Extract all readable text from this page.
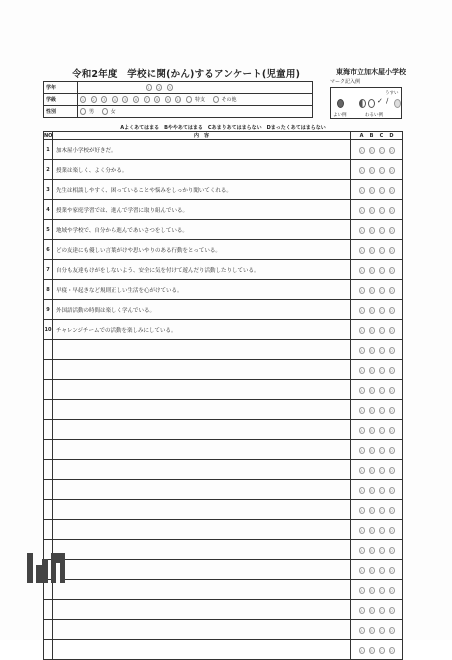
令和2年度　学校に関(かん)するアンケート(児童用)	東海市立加木屋小学校
マーク記入例
✓ ∕
うすい
よい例	わるい例
学年	1 2 3
学級	1 2 3 4 5 6 7 8 9 10 特支 その他
性別	男 女
Aよくあてはまる　Bややあてはまる　Cあまりあてはまらない　Dまったくあてはまらない
NO	内　容	A B C D
1	加木屋小学校が好きだ。	A B C D
2	授業は楽しく、よく分かる。	A B C D
3	先生は相談しやすく、困っていることや悩みをしっかり聞いてくれる。	A B C D
4	授業や家庭学習では、進んで学習に取り組んでいる。	A B C D
5	地域や学校で、自分から進んであいさつをしている。	A B C D
6	どの友達にも優しい言葉がけや思いやりのある行動をとっている。	A B C D
7	自分も友達もけがをしないよう、安全に気を付けて遊んだり活動したりしている。	A B C D
8	早寝・早起きなど規則正しい生活を心がけている。	A B C D
9	外国語活動の時間は楽しく学んでいる。	A B C D
10	チャレンジチームでの活動を楽しみにしている。	A B C D
		A B C D
		A B C D
		A B C D
		A B C D
		A B C D
		A B C D
		A B C D
		A B C D
		A B C D
		A B C D
		A B C D
		A B C D
		A B C D
		A B C D
		A B C D
		A B C D
